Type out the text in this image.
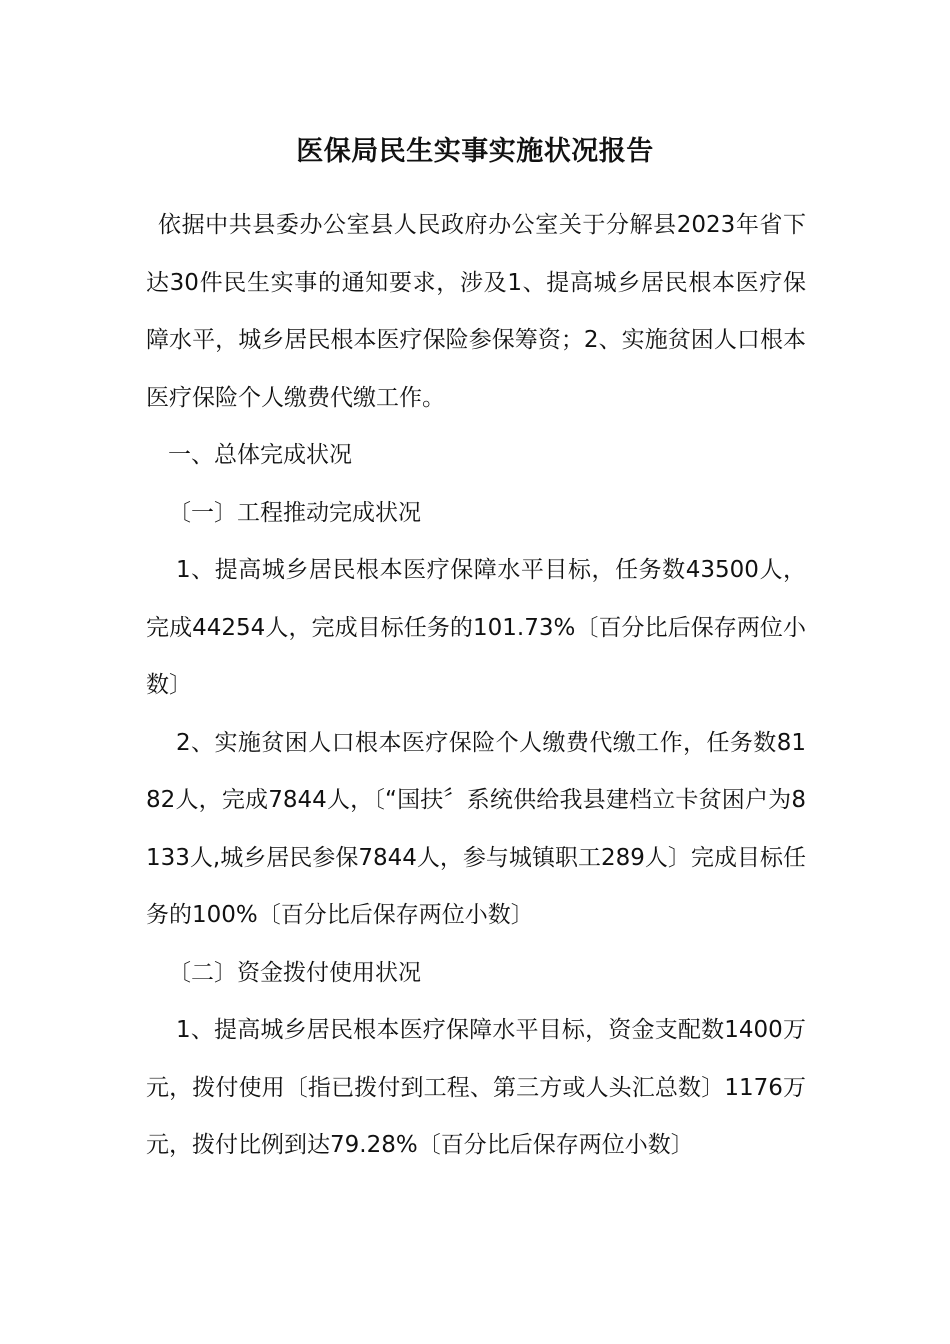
医保局民生实事实施状况报告

依据中共县委办公室县人民政府办公室关于分解县2023年省下达30件民生实事的通知要求，涉及1、提高城乡居民根本医疗保障水平，城乡居民根本医疗保险参保筹资；2、实施贫困人口根本医疗保险个人缴费代缴工作。

一、总体完成状况

〔一〕工程推动完成状况

1、提高城乡居民根本医疗保障水平目标，任务数43500人，完成44254人，完成目标任务的101.73%〔百分比后保存两位小数〕

2、实施贫困人口根本医疗保险个人缴费代缴工作，任务数8182人，完成7844人，〔“国扶〞系统供给我县建档立卡贫困户为8133人,城乡居民参保7844人，参与城镇职工289人〕完成目标任务的100%〔百分比后保存两位小数〕

〔二〕资金拨付使用状况

1、提高城乡居民根本医疗保障水平目标，资金支配数1400万元，拨付使用〔指已拨付到工程、第三方或人头汇总数〕1176万元，拨付比例到达79.28%〔百分比后保存两位小数〕
